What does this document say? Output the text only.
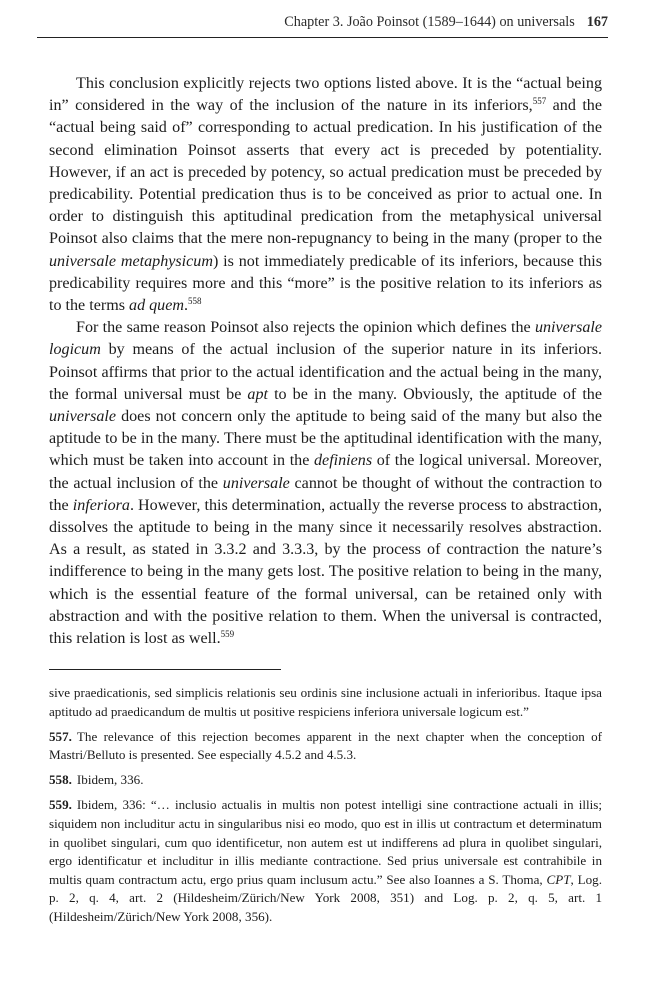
Chapter 3. João Poinsot (1589–1644) on universals 167

This conclusion explicitly rejects two options listed above. It is the “actual being in” considered in the way of the inclusion of the nature in its inferiors,$^{557}$ and the “actual being said of” corresponding to actual predication. In his justification of the second elimination Poinsot asserts that every act is preceded by potentiality. However, if an act is preceded by potency, so actual predication must be preceded by predicability. Potential predication thus is to be conceived as prior to actual one. In order to distinguish this aptitudinal predication from the metaphysical universal Poinsot also claims that the mere non-repugnancy to being in the many (proper to the universale metaphysicum) is not immediately predicable of its inferiors, because this predicability requires more and this “more” is the positive relation to its inferiors as to the terms ad quem.$^{558}$

For the same reason Poinsot also rejects the opinion which defines the universale logicum by means of the actual inclusion of the superior nature in its inferiors. Poinsot affirms that prior to the actual identification and the actual being in the many, the formal universal must be apt to be in the many. Obviously, the aptitude of the universale does not concern only the aptitude to being said of the many but also the aptitude to be in the many. There must be the aptitudinal identification with the many, which must be taken into account in the definiens of the logical universal. Moreover, the actual inclusion of the universale cannot be thought of without the contraction to the inferiora. However, this determination, actually the reverse process to abstraction, dissolves the aptitude to being in the many since it necessarily resolves abstraction. As a result, as stated in 3.3.2 and 3.3.3, by the process of contraction the nature’s indifference to being in the many gets lost. The positive relation to being in the many, which is the essential feature of the formal universal, can be retained only with abstraction and with the positive relation to them. When the universal is contracted, this relation is lost as well.$^{559}$

sive praedicationis, sed simplicis relationis seu ordinis sine inclusione actuali in inferioribus. Itaque ipsa aptitudo ad praedicandum de multis ut positive respiciens inferiora universale logicum est.”

557. The relevance of this rejection becomes apparent in the next chapter when the conception of Mastri/Belluto is presented. See especially 4.5.2 and 4.5.3.

558. Ibidem, 336.

559. Ibidem, 336: “… inclusio actualis in multis non potest intelligi sine contractione actuali in illis; siquidem non includitur actu in singularibus nisi eo modo, quo est in illis ut contractum et determinatum in quolibet singulari, cum quo identificetur, non autem est ut indifferens ad plura in quolibet singulari, ergo identificatur et includitur in illis mediante contractione. Sed prius universale est contrahibile in multis quam contractum actu, ergo prius quam inclusum actu.” See also Ioannes a S. Thoma, CPT, Log. p. 2, q. 4, art. 2 (Hildesheim/Zürich/New York 2008, 351) and Log. p. 2, q. 5, art. 1 (Hildesheim/Zürich/New York 2008, 356).
